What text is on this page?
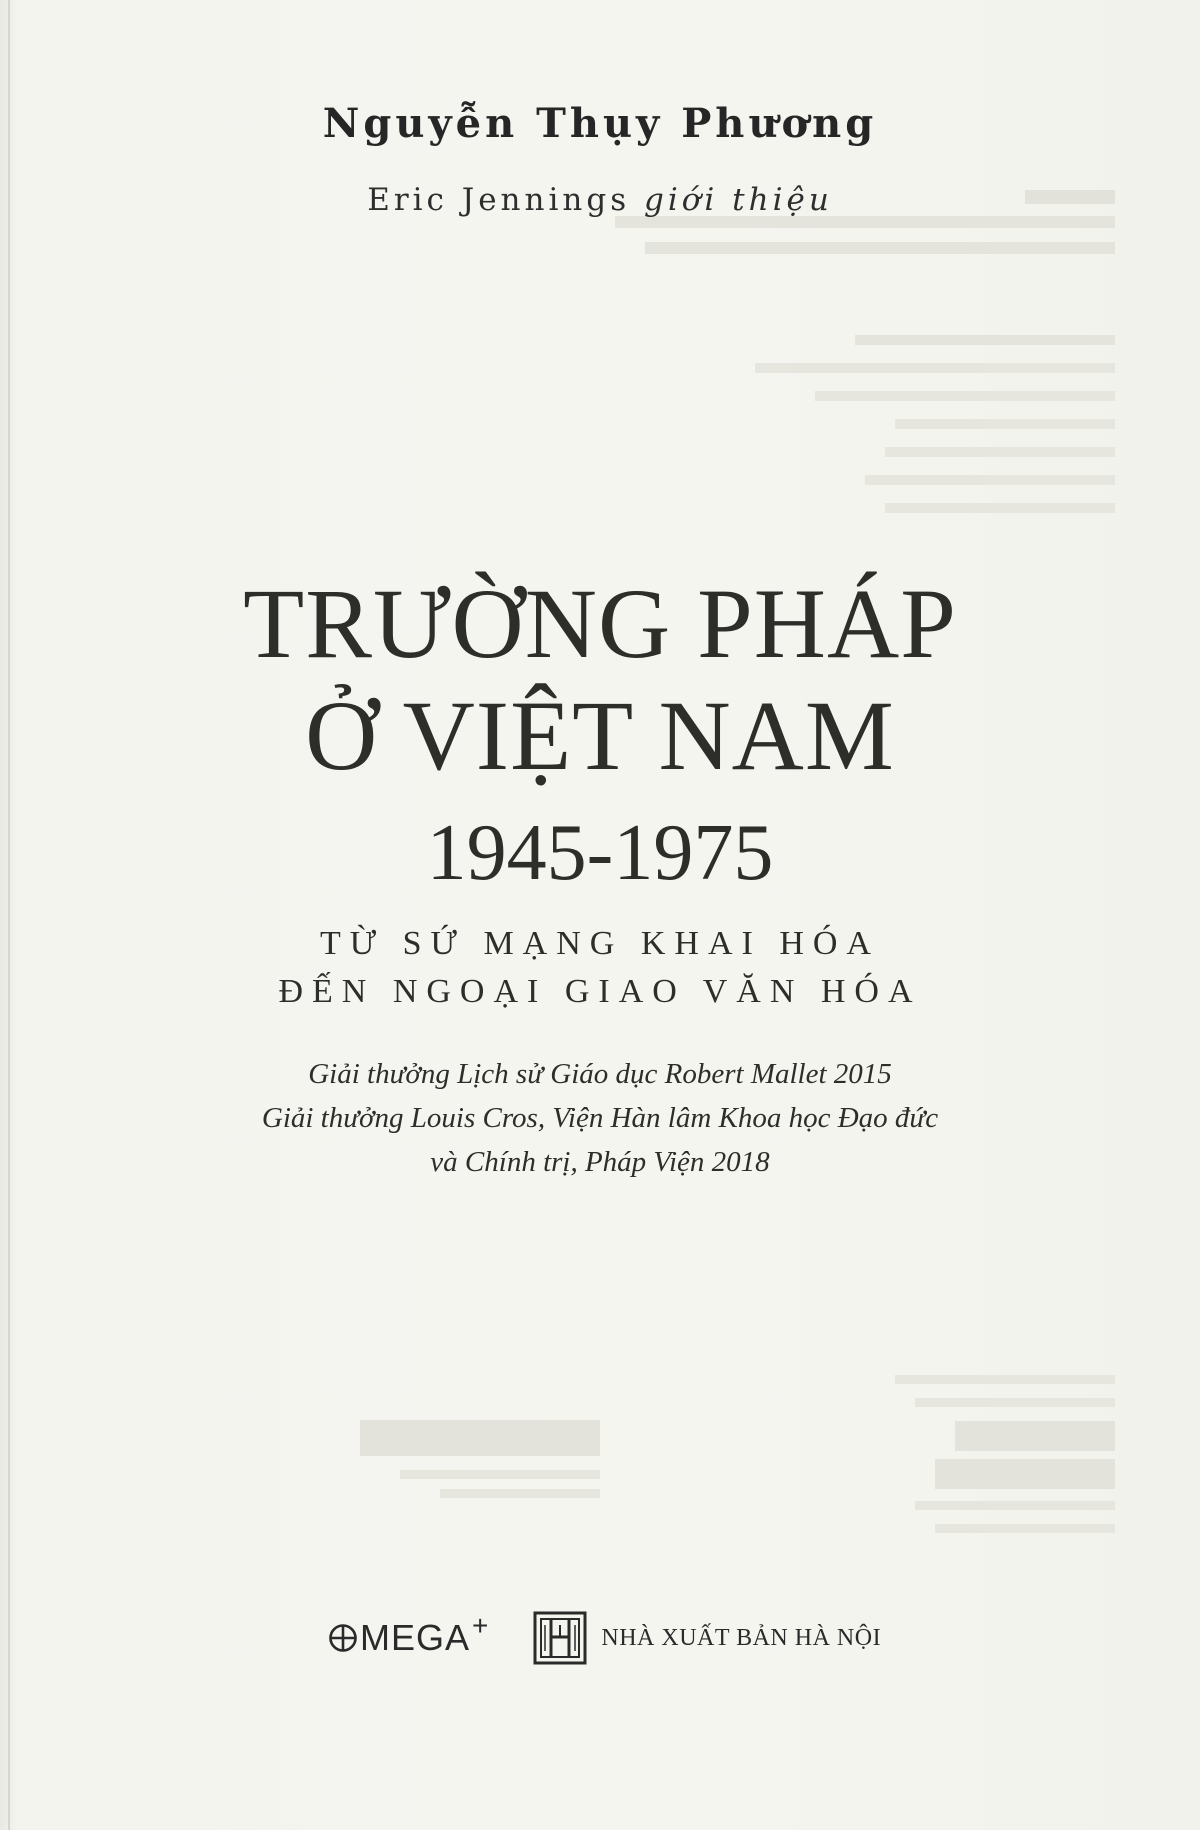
Nguyễn Thụy Phương
Eric Jennings giới thiệu
TRƯỜNG PHÁP
Ở VIỆT NAM
1945-1975
TỪ SỨ MẠNG KHAI HÓA
ĐẾN NGOẠI GIAO VĂN HÓA
Giải thưởng Lịch sử Giáo dục Robert Mallet 2015
Giải thưởng Louis Cros, Viện Hàn lâm Khoa học Đạo đức
và Chính trị, Pháp Viện 2018
MEGA +	NHÀ XUẤT BẢN HÀ NỘI
